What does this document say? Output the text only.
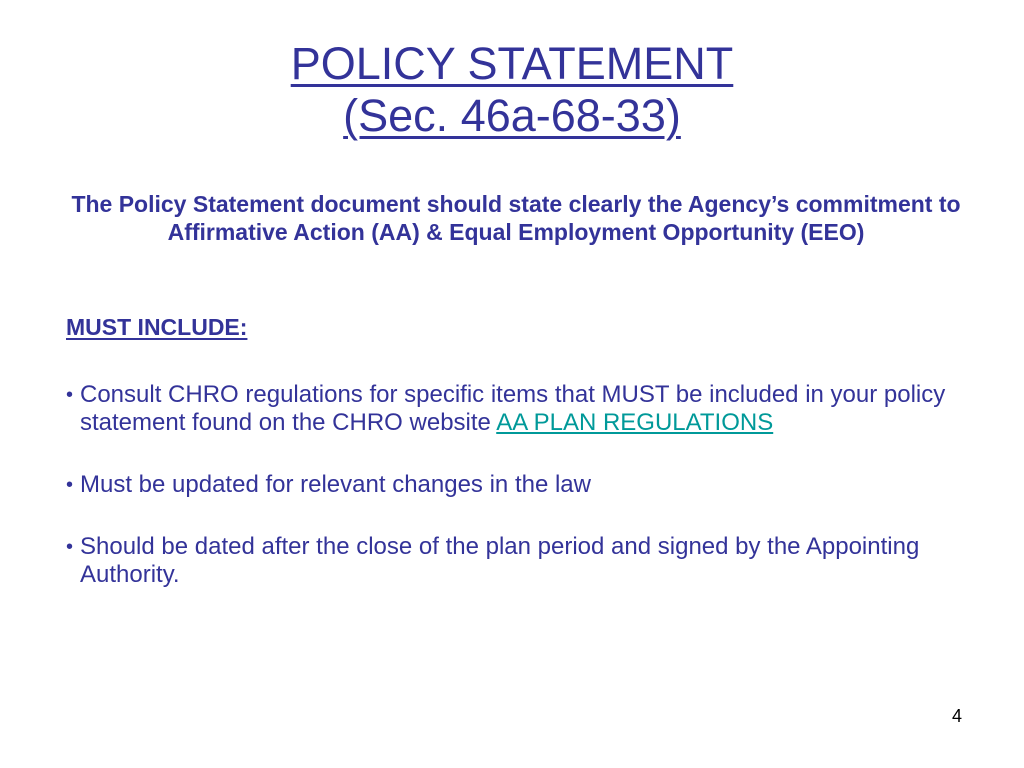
POLICY STATEMENT
(Sec. 46a-68-33)
The Policy Statement document should state clearly the Agency’s commitment to Affirmative Action (AA) & Equal Employment Opportunity (EEO)
MUST INCLUDE:
• Consult CHRO regulations for specific items that MUST be included in your policy statement found on the CHRO website AA PLAN REGULATIONS
• Must be updated for relevant changes in the law
• Should be dated after the close of the plan period and signed by the Appointing Authority.
4
